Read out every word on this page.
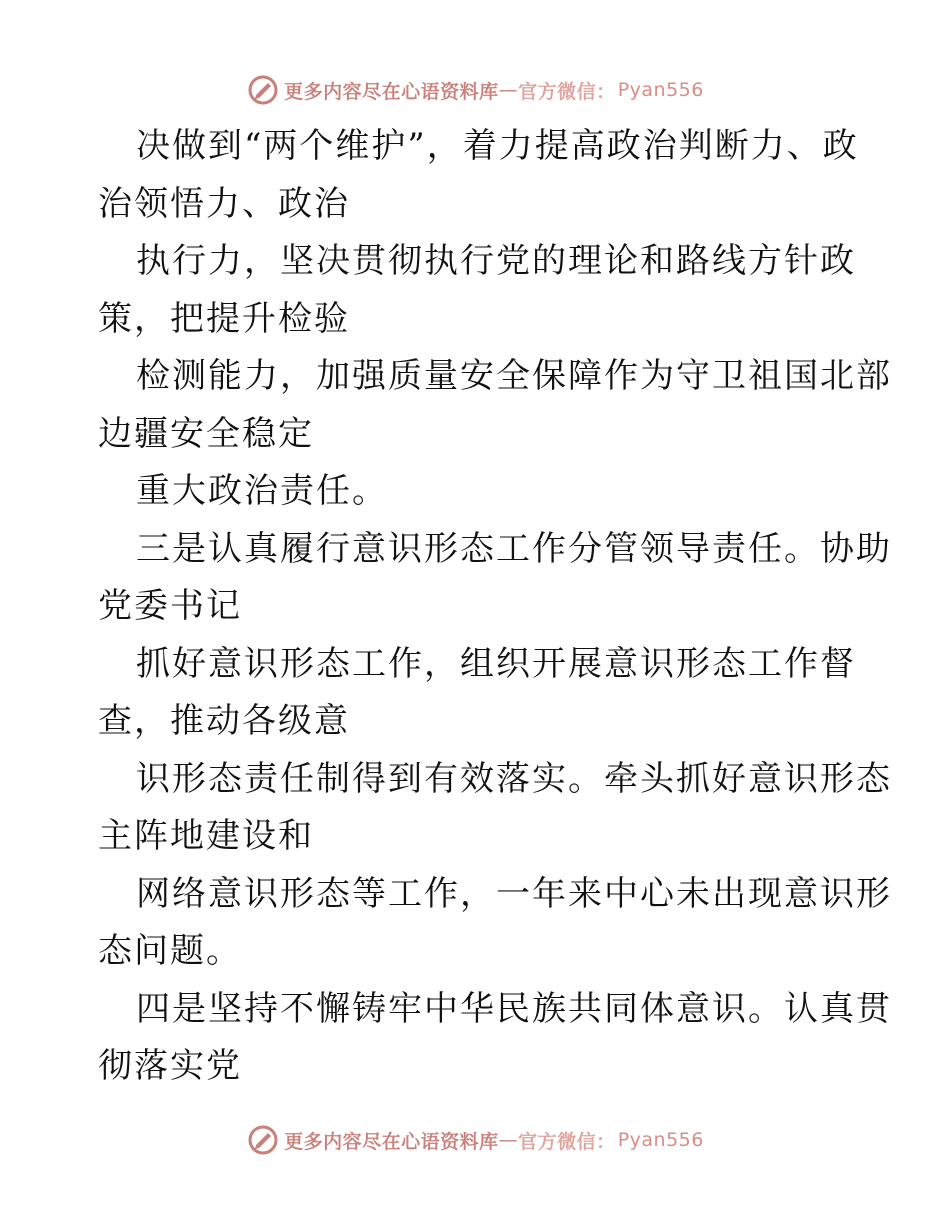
更多内容尽在心语资料库 — 官方微信： Pyan556
决做到“两个维护”，着力提高政治判断力、政
治领悟力、政治
执行力，坚决贯彻执行党的理论和路线方针政
策，把提升检验
检测能力，加强质量安全保障作为守卫祖国北部
边疆安全稳定
重大政治责任。
三是认真履行意识形态工作分管领导责任。协助
党委书记
抓好意识形态工作，组织开展意识形态工作督
查，推动各级意
识形态责任制得到有效落实。牵头抓好意识形态
主阵地建设和
网络意识形态等工作，一年来中心未出现意识形
态问题。
四是坚持不懈铸牢中华民族共同体意识。认真贯
彻落实党
更多内容尽在心语资料库 — 官方微信： Pyan556
